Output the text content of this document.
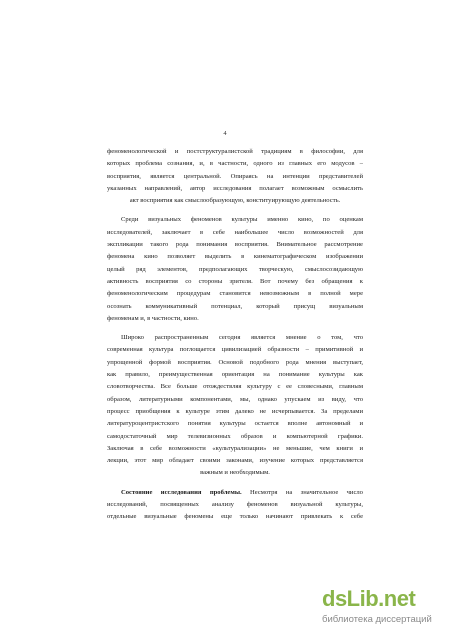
4
феноменологической и постструктуралистской традициям в философии, для
которых проблема сознания, и, в частности, одного из главных его модусов –
восприятия, является центральной. Опираясь на интенции представителей
указанных направлений, автор исследования полагает возможным осмыслить
акт восприятия как смыслообразующую, конституирующую деятельность.
Среди визуальных феноменов культуры именно кино, по оценкам
исследователей, заключает в себе наибольшее число возможностей для
экспликации такого рода понимания восприятия. Внимательное рассмотрение
феномена кино позволяет выделить в кинематографическом изображении
целый ряд элементов, предполагающих творческую, смыслосозидающую
активность восприятия со стороны зрителя. Вот почему без обращения к
феноменологическим процедурам становится невозможным в полной мере
осознать коммуникативный потенциал, который присущ визуальным
феноменам и, в частности, кино.
Широко распространенным сегодня является мнение о том, что
современная культура поглощается цивилизацией образности – примитивной и
упрощенной формой восприятия. Основой подобного рода мнения выступает,
как правило, преимущественная ориентация на понимание культуры как
словотворчества. Все больше отождествляя культуру с ее словесными, главным
образом, литературными компонентами, мы, однако упускаем из виду, что
процесс приобщения к культуре этим далеко не исчерпывается. За пределами
литературоцентристского понятия культуры остается вполне автономный и
самодостаточный мир телевизионных образов и компьютерной графики.
Заключая в себе возможности «культурализации» не меньшие, чем книги и
лекции, этот мир обладает своими законами, изучение которых представляется
важным и необходимым.
Состояние исследования проблемы. Несмотря на значительное число
исследований, посвященных анализу феноменов визуальной культуры,
отдельные визуальные феномены еще только начинают привлекать к себе
dsLib.net
библиотека диссертаций
